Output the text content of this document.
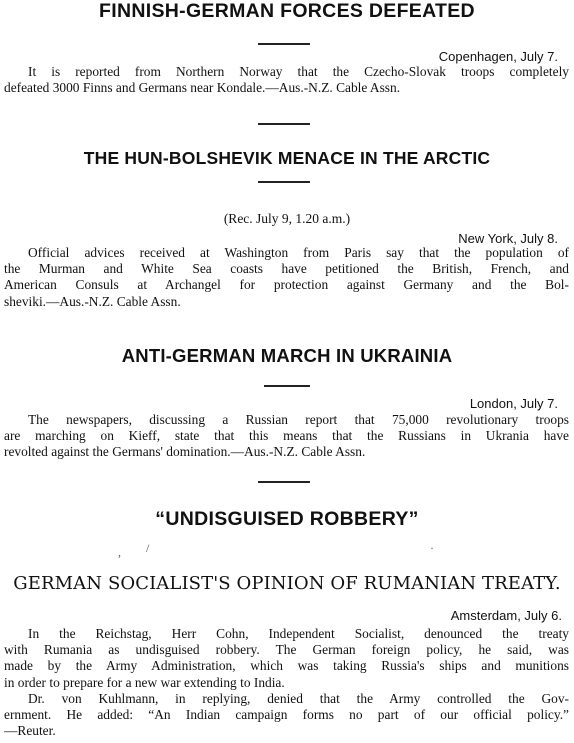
FINNISH-GERMAN FORCES DEFEATED
Copenhagen, July 7.
It is reported from Northern Norway that the Czecho-Slovak troops completely
defeated 3000 Finns and Germans near Kondale.—Aus.-N.Z. Cable Assn.
THE HUN-BOLSHEVIK MENACE IN THE ARCTIC
(Rec. July 9, 1.20 a.m.)
New York, July 8.
Official advices received at Washington from Paris say that the population of
the Murman and White Sea coasts have petitioned the British, French, and
American Consuls at Archangel for protection against Germany and the Bol-
sheviki.—Aus.-N.Z. Cable Assn.
ANTI-GERMAN MARCH IN UKRAINIA
London, July 7.
The newspapers, discussing a Russian report that 75,000 revolutionary troops
are marching on Kieff, state that this means that the Russians in Ukrania have
revolted against the Germans' domination.—Aus.-N.Z. Cable Assn.
“UNDISGUISED ROBBERY”
, /	·
GERMAN SOCIALIST'S OPINION OF RUMANIAN TREATY.
Amsterdam, July 6.
In the Reichstag, Herr Cohn, Independent Socialist, denounced the treaty
with Rumania as undisguised robbery. The German foreign policy, he said, was
made by the Army Administration, which was taking Russia's ships and munitions
in order to prepare for a new war extending to India.
Dr. von Kuhlmann, in replying, denied that the Army controlled the Gov-
ernment. He added: “An Indian campaign forms no part of our official policy.”
—Reuter.
